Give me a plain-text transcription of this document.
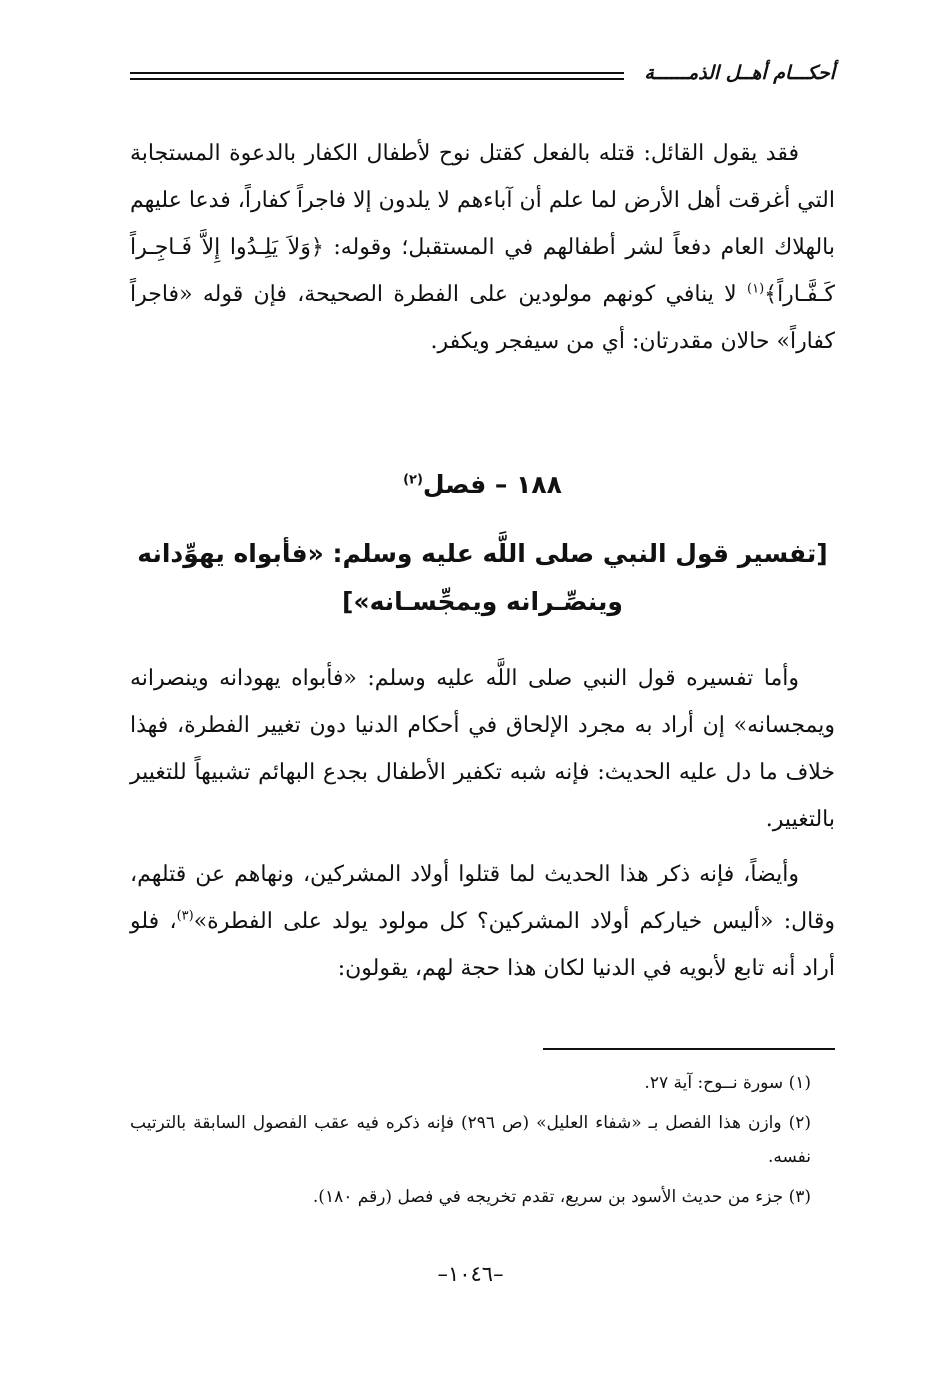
أحكـــام أهــل الذمــــــة

فقد يقول القائل: قتله بالفعل كقتل نوح لأطفال الكفار بالدعوة المستجابة التي أغرقت أهل الأرض لما علم أن آباءهم لا يلدون إلا فاجراً كفاراً، فدعا عليهم بالهلاك العام دفعاً لشر أطفالهم في المستقبل؛ وقوله: ﴿وَلاَ يَلِـدُوا إِلاَّ فَـاجِـراً كَـفَّـاراً﴾$^{(١)}$ لا ينافي كونهم مولودين على الفطرة الصحيحة، فإن قوله «فاجراً كفاراً» حالان مقدرتان: أي من سيفجر ويكفر.

١٨٨ – فصل$^{(٢)}$
[تفسير قول النبي صلى اللَّه عليه وسلم: «فأبواه يهوِّدانه وينصِّـرانه ويمجِّسـانه»]

وأما تفسيره قول النبي صلى اللَّه عليه وسلم: «فأبواه يهودانه وينصرانه ويمجسانه» إن أراد به مجرد الإلحاق في أحكام الدنيا دون تغيير الفطرة، فهذا خلاف ما دل عليه الحديث: فإنه شبه تكفير الأطفال بجدع البهائم تشبيهاً للتغيير بالتغيير.

وأيضاً، فإنه ذكر هذا الحديث لما قتلوا أولاد المشركين، ونهاهم عن قتلهم، وقال: «أليس خياركم أولاد المشركين؟ كل مولود يولد على الفطرة»$^{(٣)}$، فلو أراد أنه تابع لأبويه في الدنيا لكان هذا حجة لهم، يقولون:

(١) سورة نــوح: آية ٢٧.

(٢) وازن هذا الفصل بـ «شفاء العليل» (ص ٢٩٦) فإنه ذكره فيه عقب الفصول السابقة بالترتيب نفسه.

(٣) جزء من حديث الأسود بن سريع، تقدم تخريجه في فصل (رقم ١٨٠).

–١٠٤٦–
